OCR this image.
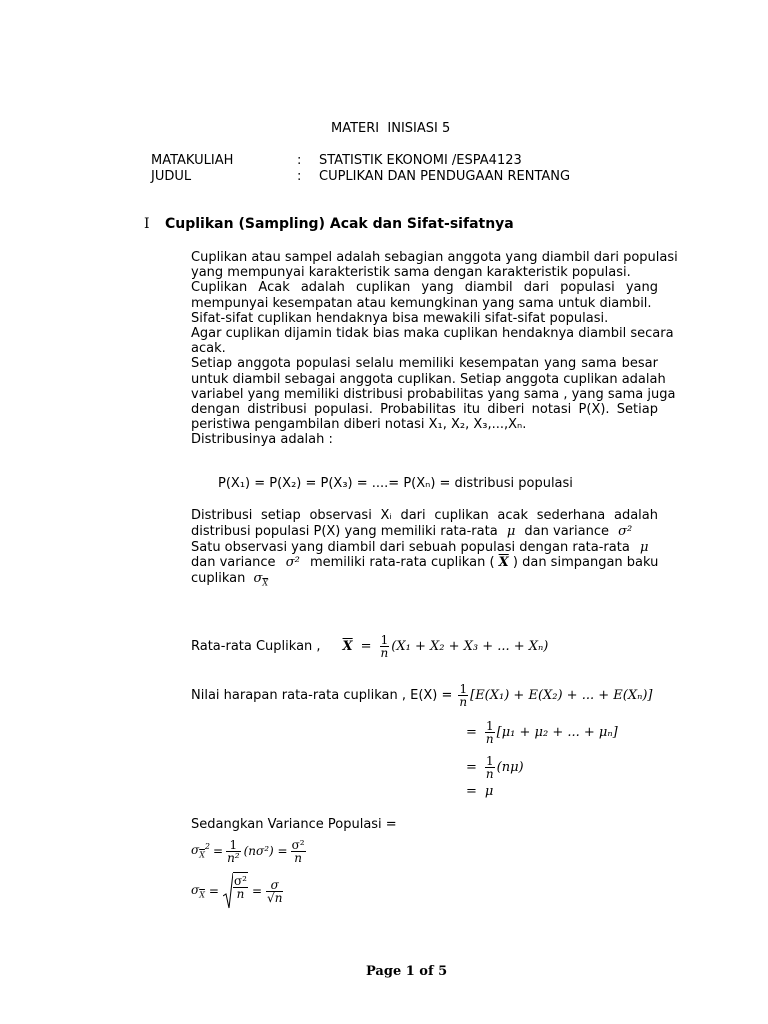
MATERI  INISIASI 5
MATAKULIAH	: STATISTIK EKONOMI /ESPA4123
JUDUL	: CUPLIKAN DAN PENDUGAAN RENTANG
I Cuplikan (Sampling) Acak dan Sifat-sifatnya
Cuplikan atau sampel adalah sebagian anggota yang diambil dari populasi
yang mempunyai karakteristik sama dengan karakteristik populasi.
Cuplikan Acak adalah cuplikan yang diambil dari populasi yang
mempunyai kesempatan atau kemungkinan yang sama untuk diambil.
Sifat-sifat cuplikan hendaknya bisa mewakili sifat-sifat populasi.
Agar cuplikan dijamin tidak bias maka cuplikan hendaknya diambil secara
acak.
Setiap anggota populasi selalu memiliki kesempatan yang sama besar
untuk diambil sebagai anggota cuplikan. Setiap anggota cuplikan adalah
variabel yang memiliki distribusi probabilitas yang sama , yang sama juga
dengan distribusi populasi. Probabilitas itu diberi notasi P(X). Setiap
peristiwa pengambilan diberi notasi X₁, X₂, X₃,...,Xₙ.
Distribusinya adalah :
P(X₁) = P(X₂) = P(X₃) = ....= P(Xₙ) = distribusi populasi
Distribusi setiap observasi Xᵢ dari cuplikan acak sederhana adalah
distribusi populasi P(X) yang memiliki rata-rata μ dan variance σ²
Satu observasi yang diambil dari sebuah populasi dengan rata-rata μ
dan variance σ² memiliki rata-rata cuplikan ( $\overline{X}$ ) dan simpangan baku
cuplikan $\sigma_{\overline{X}}$
Rata-rata Cuplikan , $\overline{X} = \frac{1}{n} (X_1 + X_2 + X_3$ + ... + Xₙ)
Nilai harapan rata-rata cuplikan , $E(X) = \frac{1}{n} [E(X_1) + E(X_2)$ + ... + E(Xₙ)]
= $\frac{1}{n} [\mu_1 + \mu_2$ + ... + μₙ]
= $\frac{1}{n} (n\mu)$
= μ
Sedangkan Variance Populasi =
$\sigma_{\overline{X}}^2 = \frac{1}{\text{n²}} (n\sigma^2) = \frac{\text{σ²}}{n}$
$\sigma_{\overline{X}} = \frac{\text{σ²}}{n} = \frac{\sigma}{√n}$
Page 1 of 5
